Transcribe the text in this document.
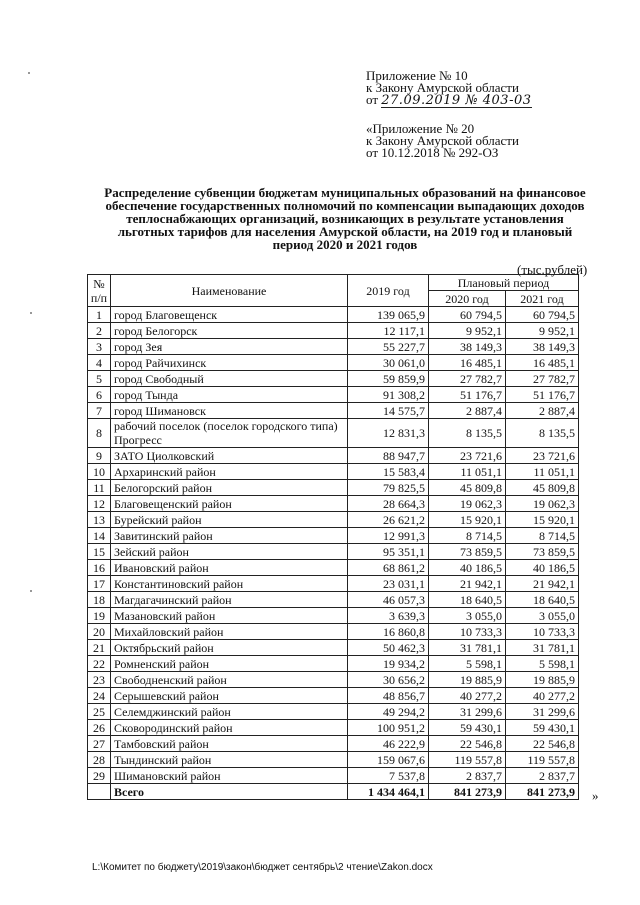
Приложение № 10
к Закону Амурской области
от 27.09.2019 № 403-03
«Приложение № 20
к Закону Амурской области
от 10.12.2018 № 292-ОЗ
Распределение субвенции бюджетам муниципальных образований на финансовое обеспечение государственных полномочий по компенсации выпадающих доходов теплоснабжающих организаций, возникающих в результате установления льготных тарифов для населения Амурской области, на 2019 год и плановый период 2020 и 2021 годов
(тыс.рублей)
№ п/п	Наименование	2019 год	Плановый период	
			2020 год	2021 год
1	город Благовещенск	139 065,9	60 794,5	60 794,5
2	город Белогорск	12 117,1	9 952,1	9 952,1
3	город Зея	55 227,7	38 149,3	38 149,3
4	город Райчихинск	30 061,0	16 485,1	16 485,1
5	город Свободный	59 859,9	27 782,7	27 782,7
6	город Тында	91 308,2	51 176,7	51 176,7
7	город Шимановск	14 575,7	2 887,4	2 887,4
8	рабочий поселок (поселок городского типа) Прогресс	12 831,3	8 135,5	8 135,5
9	ЗАТО Циолковский	88 947,7	23 721,6	23 721,6
10	Архаринский район	15 583,4	11 051,1	11 051,1
11	Белогорский район	79 825,5	45 809,8	45 809,8
12	Благовещенский район	28 664,3	19 062,3	19 062,3
13	Бурейский район	26 621,2	15 920,1	15 920,1
14	Завитинский район	12 991,3	8 714,5	8 714,5
15	Зейский район	95 351,1	73 859,5	73 859,5
16	Ивановский район	68 861,2	40 186,5	40 186,5
17	Константиновский район	23 031,1	21 942,1	21 942,1
18	Магдагачинский район	46 057,3	18 640,5	18 640,5
19	Мазановский район	3 639,3	3 055,0	3 055,0
20	Михайловский район	16 860,8	10 733,3	10 733,3
21	Октябрьский район	50 462,3	31 781,1	31 781,1
22	Ромненский район	19 934,2	5 598,1	5 598,1
23	Свободненский район	30 656,2	19 885,9	19 885,9
24	Серышевский район	48 856,7	40 277,2	40 277,2
25	Селемджинский район	49 294,2	31 299,6	31 299,6
26	Сковородинский район	100 951,2	59 430,1	59 430,1
27	Тамбовский район	46 222,9	22 546,8	22 546,8
28	Тындинский район	159 067,6	119 557,8	119 557,8
29	Шимановский район	7 537,8	2 837,7	2 837,7
	Всего	1 434 464,1	841 273,9	841 273,9 »
L:\Комитет по бюджету\2019\закон\бюджет сентябрь\2 чтение\Zakon.docx
